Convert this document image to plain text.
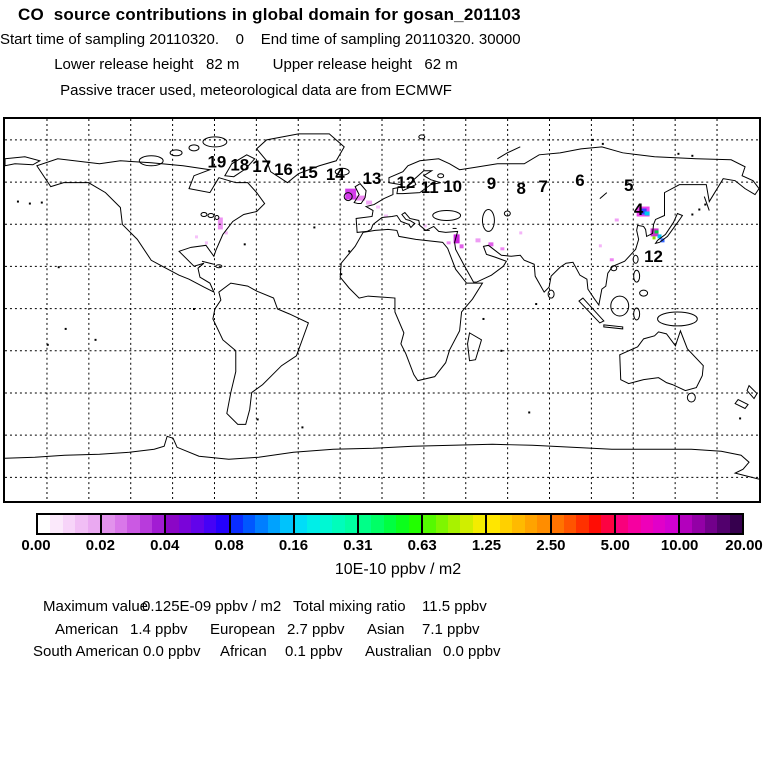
CO  source contributions in global domain for gosan_201103
Start time of sampling 20110320.    0    End time of sampling 20110320. 30000
Lower release height   82 m        Upper release height   62 m
Passive tracer used, meteorological data are from ECMWF
19 18 17 16 15 14 13 12 11 10 9 8 7 6 5
4
12
0.00 0.02 0.04 0.08 0.16 0.31 0.63 1.25 2.50 5.00 10.00 20.00
10E-10 ppbv / m2
Maximum value
0.125E-09 ppbv / m2 Total mixing ratio 11.5 ppbv
American 1.4 ppbv European 2.7 ppbv Asian 7.1 ppbv
South American 0.0 ppbv African 0.1 ppbv Australian 0.0 ppbv
